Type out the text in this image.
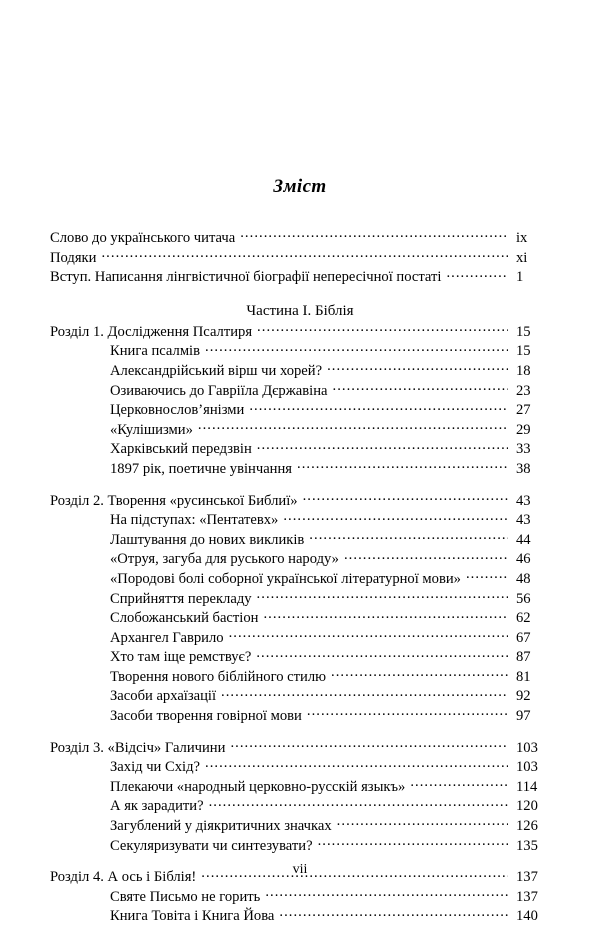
Зміст
Слово до українського читача .....	ix
Подяки .....	xi
Вступ. Написання лінгвістичної біографії непересічної постаті .....	1
Частина I. Біблія
Розділ 1. Дослідження Псалтиря .....	15
Книга псалмів .....	15
Александрійський вірш чи хорей? .....	18
Озиваючись до Гавріїла Дєржавіна .....	23
Церковнослов’янізми .....	27
«Кулішизми» .....	29
Харківський передзвін .....	33
1897 рік, поетичне увінчання .....	38
Розділ 2. Творення «русинської Библиї» .....	43
На підступах: «Пентатевх» .....	43
Лаштування до нових викликів .....	44
«Отруя, загуба для руського народу» .....	46
«Породові болі соборної української літературної мови» .....	48
Сприйняття перекладу .....	56
Слобожанський бастіон .....	62
Архангел Гаврило .....	67
Хто там іще ремствує? .....	87
Творення нового біблійного стилю .....	81
Засоби архаїзації .....	92
Засоби творення говірної мови .....	97
Розділ 3. «Відсіч» Галичини .....	103
Захід чи Схід? .....	103
Плекаючи «народный церковно-русскій языкъ» .....	114
А як зарадити? .....	120
Загублений у діякритичних значках .....	126
Секуляризувати чи синтезувати? .....	135
Розділ 4. А ось і Біблія! .....	137
Святе Письмо не горить .....	137
Книга Товіта і Книга Йова .....	140
vii
